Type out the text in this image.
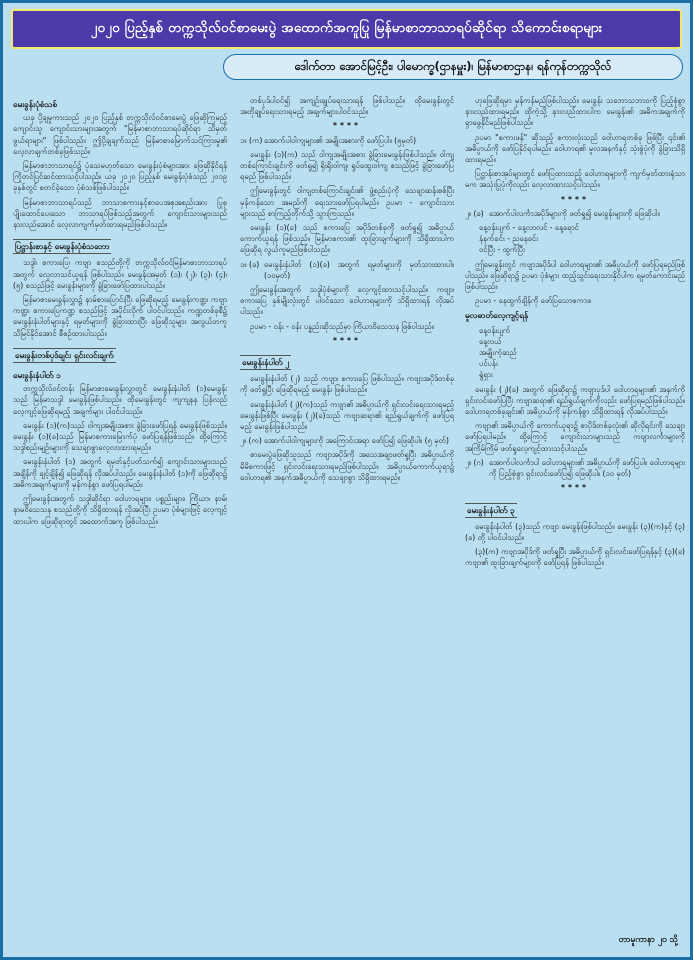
၂၀၂၀ ပြည့်နှစ် တက္ကသိုလ်ဝင်စာမေးပွဲ အထောက်အကူပြု မြန်မာစာဘာသာရပ်ဆိုင်ရာ သိကောင်းစရာများ
ဒေါက်တာ အောင်မြင့်ဦး၊ ပါမောက္ခ(ဌာနမှူး)၊ မြန်မာစာဌာန၊ ရန်ကုန်တက္ကသိုလ်
မေးခွန်းပုံစံသစ်

ယခု ပို့ချမှုကားသည် ၂၀၂၀ ပြည့်နှစ် တက္ကသိုလ်ဝင်စာမေးပွဲ ဖြေဆိုကြမည့် ကျောင်းသူ ကျောင်းသားများအတွက် "မြန်မာစာဘာသာရပ်ဆိုင်ရာ သိမှတ်ဖွယ်ရာများ" ဖြစ်ပါသည်။ ဤပို့ချချက်သည် မြန်မာစာမြောက်သင်ကြားမှု၏ လေ့လာချက်တစ်ခုဖြစ်သည်။

မြန်မာစာဘာသာရပ်၌ ပုံသေမဟုတ်သော မေးခွန်းပုံစံများအား ဖြေဆိုနိုင်ရန် ကြိုတင်ပြင်ဆင်ထားသင့်ပါသည်။ ယခု ၂၀၂၀ ပြည့်နှစ် မေးခွန်းပုံစံသည် ၂၀၁၉ ခုနှစ်တွင် စတင်ခဲ့သော ပုံစံသစ်ဖြစ်ပါသည်။

မြန်မာစာဘာသာရပ်သည် ဘာသာစကားနှင့်စာပေအစုအစည်းအား ပြုစုပျိုးထောင်ပေးသော ဘာသာရပ်ဖြစ်သည့်အတွက် ကျောင်းသားများသည် နားလည်အောင် လေ့လာကျက်မှတ်ထားရမည်ဖြစ်ပါသည်။

ပြဋ္ဌာန်းစာနှင့် မေးခွန်းပုံစံသဘော

သဒ္ဒါ၊ စကားပြေ၊ ကဗျာ စသည်တို့ကို တက္ကသိုလ်ဝင်မြန်မာစာဘာသာရပ်အတွက် လေ့လာသင်ယူရန် ဖြစ်ပါသည်။ မေးခွန်းအမှတ် (၁)၊ (၂)၊ (၃)၊ (၄)၊ (၅) စသည်ဖြင့် မေးခွန်းများကို ခွဲခြားဖော်ပြထားပါသည်။

မြန်မာစာမေးခွန်းလွှာ၌ နာမ်စားပြောင်းပြီး ဖြေဆိုရမည့် မေးခွန်းကဏ္ဍ၊ ကဗျာကဏ္ဍ၊ စကားပြေကဏ္ဍ စသည်ဖြင့် အပိုင်းလိုက် ပါဝင်ပါသည်။ ကဏ္ဍတစ်ခုစီ၌ မေးခွန်းနံပါတ်များနှင့် ရမှတ်များကို ခွဲခြားထားပြီး ဖြေဆိုသူများ အလွယ်တကူ သိမြင်နိုင်အောင် စီစဉ်ထားပါသည်။

မေးခွန်းတစ်ပုဒ်ချင်း ရှင်းလင်းချက်
မေးခွန်းနံပါတ် ၁

တက္ကသိုလ်ဝင်တန်း မြန်မာစာမေးခွန်းလွှာတွင် မေးခွန်းနံပါတ် (၁)မေးခွန်းသည် မြန်မာသဒ္ဒါ မေးခွန်းဖြစ်ပါသည်။ ထိုမေးခွန်းတွင် ကျကျနန ပြန်လည်လေ့ကျင့်ဖြေဆိုရမည့် အချက်များ ပါဝင်ပါသည်။

မေးခွန်း (၁)(က)သည် ဝါကျအမျိုးအစား ခွဲခြားဖော်ပြရန် မေးခွန်းဖြစ်သည်။ မေးခွန်း (၁)(ခ)သည် မြန်မာစကားမြောက်ပုံ ဖော်ပြရန်ဖြစ်သည်။ ထို့ကြောင့် သဒ္ဒါစည်းမျဉ်းများကို သေချာစွာလေ့လာထားရမည်။

မေးခွန်းနံပါတ် (၁) အတွက် ရမှတ်နှင့်ပတ်သက်၍ ကျောင်းသားများသည် အချိန်ကို ချင့်ချိန်၍ ဖြေဆိုရန် လိုအပ်ပါသည်။ မေးခွန်းနံပါတ် (၁)ကို ဖြေဆိုရာ၌ အဓိကအချက်များကို မှန်ကန်စွာ ဖော်ပြရပါမည်။

ဤမေးခွန်းအတွက် သဒ္ဒါဆိုင်ရာ ဝေါဟာရများ၊ ပစ္စည်းများ၊ ကြိယာ၊ နာမ်၊ နာမဝိသေသန စသည်တို့ကို သိရှိထားရန် လိုအပ်ပြီး ဥပမာ ပုံစံများဖြင့် လေ့ကျင့်ထားပါက ဖြေဆိုရာတွင် အထောက်အကူ ဖြစ်ပါသည်။

တစ်ပုဒ်ပါဝင်၍ အကျဉ်းချုပ်ရေးသားရန် ဖြစ်ပါသည်။ ထိုမေးခွန်းတွင် အတိုချုပ်ရေးသားရမည့် အချက်များပါဝင်သည်။

****
၁။ (က) အောက်ပါဝါကျများ၏ အမျိုးအစားကို ဖော်ပြပါ။ (၅မှတ်)

မေးခွန်း (၁)(က) သည် ဝါကျအမျိုးအစား ခွဲခြားမေးခွန်းဖြစ်ပါသည်။ ဝါကျတစ်ကြောင်းချင်းကို ဖတ်ရှု၍ ရိုးရိုးဝါကျ၊ ရှုပ်ထွေးဝါကျ စသည်ဖြင့် ခွဲခြားဖော်ပြရမည် ဖြစ်ပါသည်။

ဤမေးခွန်းတွင် ဝါကျတစ်ကြောင်းချင်း၏ ဖွဲ့စည်းပုံကို သေချာဆန်းစစ်ပြီး မှန်ကန်သော အမည်ကို ရေးသားဖော်ပြရပါမည်။ ဥပမာ - ကျောင်းသားများသည် စာကြည့်တိုက်သို့ သွားကြသည်။

မေးခွန်း (၁)(ခ) သည် စကားပြေ အပိုဒ်တစ်ခုကို ဖတ်ရှု၍ အဓိပ္ပာယ်ကောက်ယူရန် ဖြစ်သည်။ မြန်မာစကား၏ ထူးခြားချက်များကို သိရှိထားပါက ဖြေဆိုရ လွယ်ကူမည်ဖြစ်ပါသည်။

၁။ (ခ) မေးခွန်းနံပါတ် (၁)(ခ) အတွက် ရမှတ်များကို မှတ်သားထားပါ။ (၁၀မှတ်)

ဤမေးခွန်းအတွက် သဒ္ဒါပုံစံများကို လေ့ကျင့်ထားသင့်ပါသည်။ ကဗျာ၊ စကားပြေ နှစ်မျိုးလုံးတွင် ပါဝင်သော ဝေါဟာရများကို သိရှိထားရန် လိုအပ်ပါသည်။

ဥပမာ - ဝန်း - ဝန်း ပန္နည်းဆိုသည်မှာ ကြိယာဝိသေသန ဖြစ်ပါသည်။

****
မေးခွန်းနံပါတ် ၂

မေးခွန်းနံပါတ် (၂) သည် ကဗျာ၊ စကားပြေ ဖြစ်ပါသည်။ ကဗျာအပိုဒ်တစ်ခုကို ဖတ်ရှုပြီး ဖြေဆိုရမည့် မေးခွန်း ဖြစ်ပါသည်။

မေးခွန်းနံပါတ် (၂)(က)သည် ကဗျာ၏ အဓိပ္ပာယ်ကို ရှင်းလင်းရေးသားရမည့် မေးခွန်းဖြစ်ပြီး မေးခွန်း (၂)(ခ)သည် ကဗျာဆရာ၏ ရည်ရွယ်ချက်ကို ဖော်ပြရမည့် မေးခွန်းဖြစ်ပါသည်။

၂။ (က) အောက်ပါဝါကျများကို အကြောင်းအရာ ဖော်ပြ၍ ဖြေဆိုပါ။ (၅ မှတ်)

စာမေးပွဲဖြေဆိုသူသည် ကဗျာအပိုဒ်ကို အသေအချာဖတ်ရှုပြီး အဓိပ္ပာယ်ကို မိမိစကားဖြင့် ရှင်းလင်းရေးသားရမည်ဖြစ်ပါသည်။ အဓိပ္ပာယ်ကောက်ယူရာ၌ ဝေါဟာရ၏ အနက်အဓိပ္ပာယ်ကို သေချာစွာ သိရှိထားရမည်။

ဟုဖြေဆိုရမှာ မှန်ကန်မည်ဖြစ်ပါသည်။ မေးခွန်း သဘောသဘာဝကို ပြည့်စုံစွာ နားလည်ထားရမည်။ ထိုကဲ့သို့ နားလည်ထားပါက မေးခွန်း၏ အဓိကအချက်ကို ရှာဖွေနိုင်မည်ဖြစ်ပါသည်။

ဥပမာ "စကားဖန်" ဆိုသည့် စကားလုံးသည် ဝေါဟာရတစ်ခု ဖြစ်ပြီး ၎င်း၏ အဓိပ္ပာယ်ကို ဖော်ပြနိုင်ရပါမည်။ ဝေါဟာရ၏ မူလအနက်နှင့် သုံးစွဲပုံကို ခွဲခြားသိရှိထားရမည်။

ပြဋ္ဌာန်းစာအုပ်များတွင် ဖော်ပြထားသည့် ဝေါဟာရများကို ကျက်မှတ်ထားရုံသာမက အသုံးပြုပုံကိုလည်း လေ့လာထားသင့်ပါသည်။

****
၂။ (ခ) အောက်ပါလင်္ကာအပိုဒ်များကို ဖတ်ရှု၍ မေးခွန်းများကို ဖြေဆိုပါ။
နေ့ဝန်းပျက် - နေ့လာလင် - နေ့ရောင်
နံနက်ခင်း - ညနေခင်း
ဝင်ပြီး - ထွက်ပြီး

ဤမေးခွန်းတွင် ကဗျာအပိုဒ်ပါ ဝေါဟာရများ၏ အဓိပ္ပာယ်ကို ဖော်ပြရမည်ဖြစ်ပါသည်။ ဖြေဆိုရာ၌ ဥပမာ ပုံစံများ ထည့်သွင်းရေးသားနိုင်ပါက ရမှတ်ကောင်းမည်ဖြစ်ပါသည်။

ဥပမာ - နေထွက်ချိန်ကို ဖော်ပြသောစကား။

မူလဓာတ်လေ့ကျင့်ရန်
နေ့ဝန်းပျက်
နေ့လယ်
အမျိုးကဲ့ဆည်
ပင်ပန်း
ရွံရှား

မေးခွန်း (၂)(ခ) အတွက် ဖြေဆိုရာ၌ ကဗျာပုဒ်ပါ ဝေါဟာရများ၏ အနက်ကို ရှင်းလင်းဖော်ပြပြီး ကဗျာဆရာ၏ ရည်ရွယ်ချက်ကိုလည်း ဖော်ပြရမည်ဖြစ်ပါသည်။ ဝေါဟာရတစ်ခုချင်း၏ အဓိပ္ပာယ်ကို မှန်ကန်စွာ သိရှိထားရန် လိုအပ်ပါသည်။

ကဗျာ၏ အဓိပ္ပာယ်ကို ကောက်ယူရာ၌ စာပိုဒ်တစ်ခုလုံး၏ ဆိုလိုရင်းကို သေချာဖော်ပြရပါမည်။ ထို့ကြောင့် ကျောင်းသားများသည် ကဗျာလင်္ကာများကို အကြိမ်ကြိမ် ဖတ်ရှုလေ့ကျင့်ထားသင့်ပါသည်။

၂။ (ဂ) အောက်ပါလင်္ကာပါ ဝေါဟာရများ၏ အဓိပ္ပာယ်ကို ဖော်ပြပါ။ ဝေါဟာရများကို ပြည့်စုံစွာ ရှင်းလင်းဖော်ပြ၍ ဖြေဆိုပါ။ (၁၀ မှတ်)
****
မေးခွန်းနံပါတ် ၃

မေးခွန်းနံပါတ် (၃)သည် ကဗျာ မေးခွန်းဖြစ်ပါသည်။ မေးခွန်း (၃)(က)နှင့် (၃)(ခ) တို့ ပါဝင်ပါသည်။

(၃)(က) ကဗျာအပိုဒ်ကို ဖတ်ရှုပြီး အဓိပ္ပာယ်ကို ရှင်းလင်းဖော်ပြရန်နှင့် (၃)(ခ) ကဗျာ၏ ထူးခြားချက်များကို ဖော်ပြရန် ဖြစ်ပါသည်။

တာမူကာနာ ၂၀ သို့
